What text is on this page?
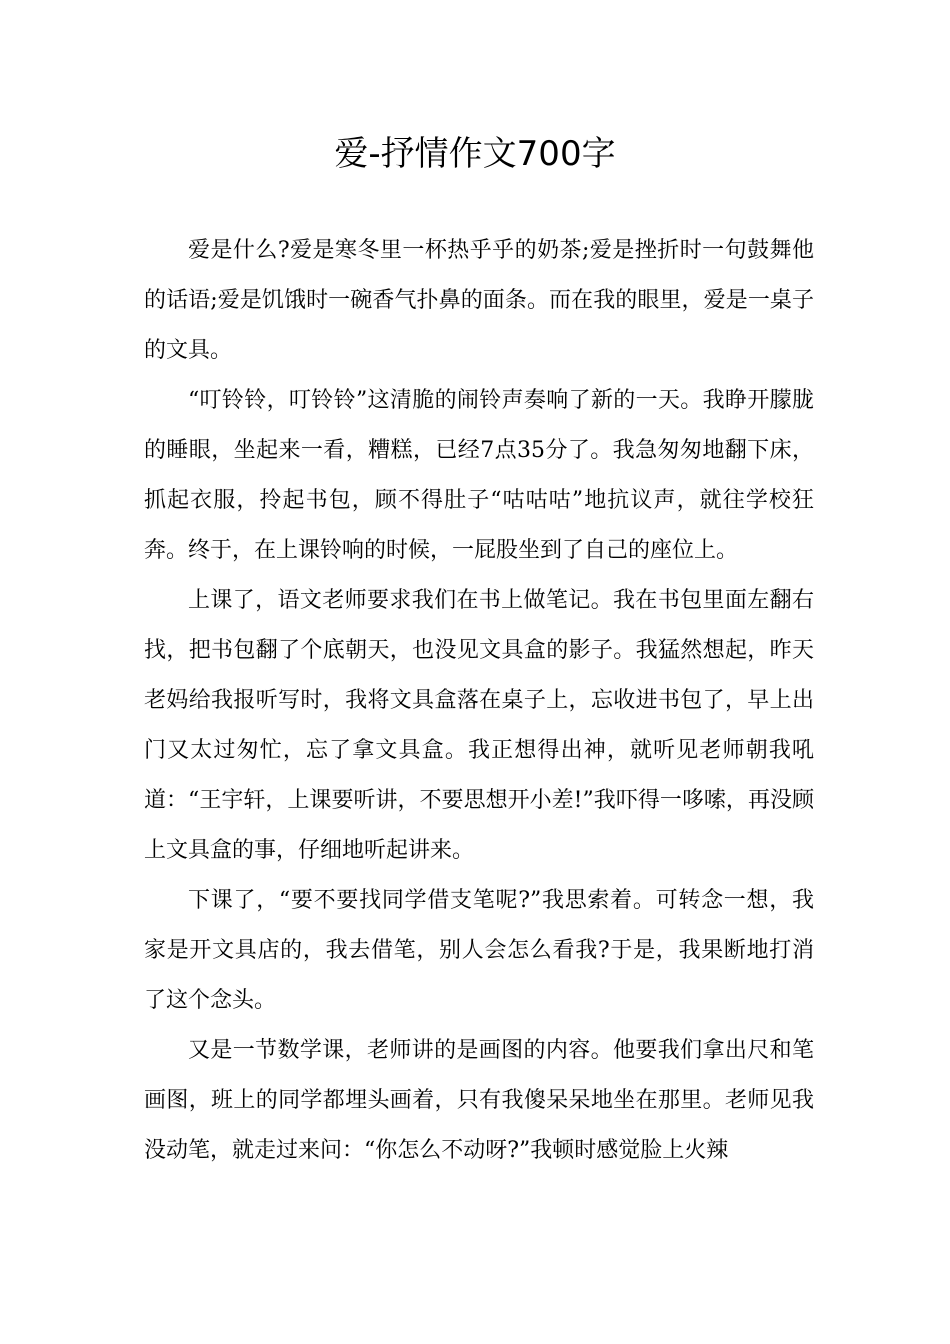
爱-抒情作文700字

爱是什么?爱是寒冬里一杯热乎乎的奶茶;爱是挫折时一句鼓舞他的话语;爱是饥饿时一碗香气扑鼻的面条。而在我的眼里，爱是一桌子的文具。

“叮铃铃，叮铃铃”这清脆的闹铃声奏响了新的一天。我睁开朦胧的睡眼，坐起来一看，糟糕，已经7点35分了。我急匆匆地翻下床，抓起衣服，拎起书包，顾不得肚子“咕咕咕”地抗议声，就往学校狂奔。终于，在上课铃响的时候，一屁股坐到了自己的座位上。

上课了，语文老师要求我们在书上做笔记。我在书包里面左翻右找，把书包翻了个底朝天，也没见文具盒的影子。我猛然想起，昨天老妈给我报听写时，我将文具盒落在桌子上，忘收进书包了，早上出门又太过匆忙，忘了拿文具盒。我正想得出神，就听见老师朝我吼道：“王宇轩，上课要听讲，不要思想开小差!”我吓得一哆嗦，再没顾上文具盒的事，仔细地听起讲来。

下课了，“要不要找同学借支笔呢?”我思索着。可转念一想，我家是开文具店的，我去借笔，别人会怎么看我?于是，我果断地打消了这个念头。

又是一节数学课，老师讲的是画图的内容。他要我们拿出尺和笔画图，班上的同学都埋头画着，只有我傻呆呆地坐在那里。老师见我没动笔，就走过来问：“你怎么不动呀?”我顿时感觉脸上火辣
